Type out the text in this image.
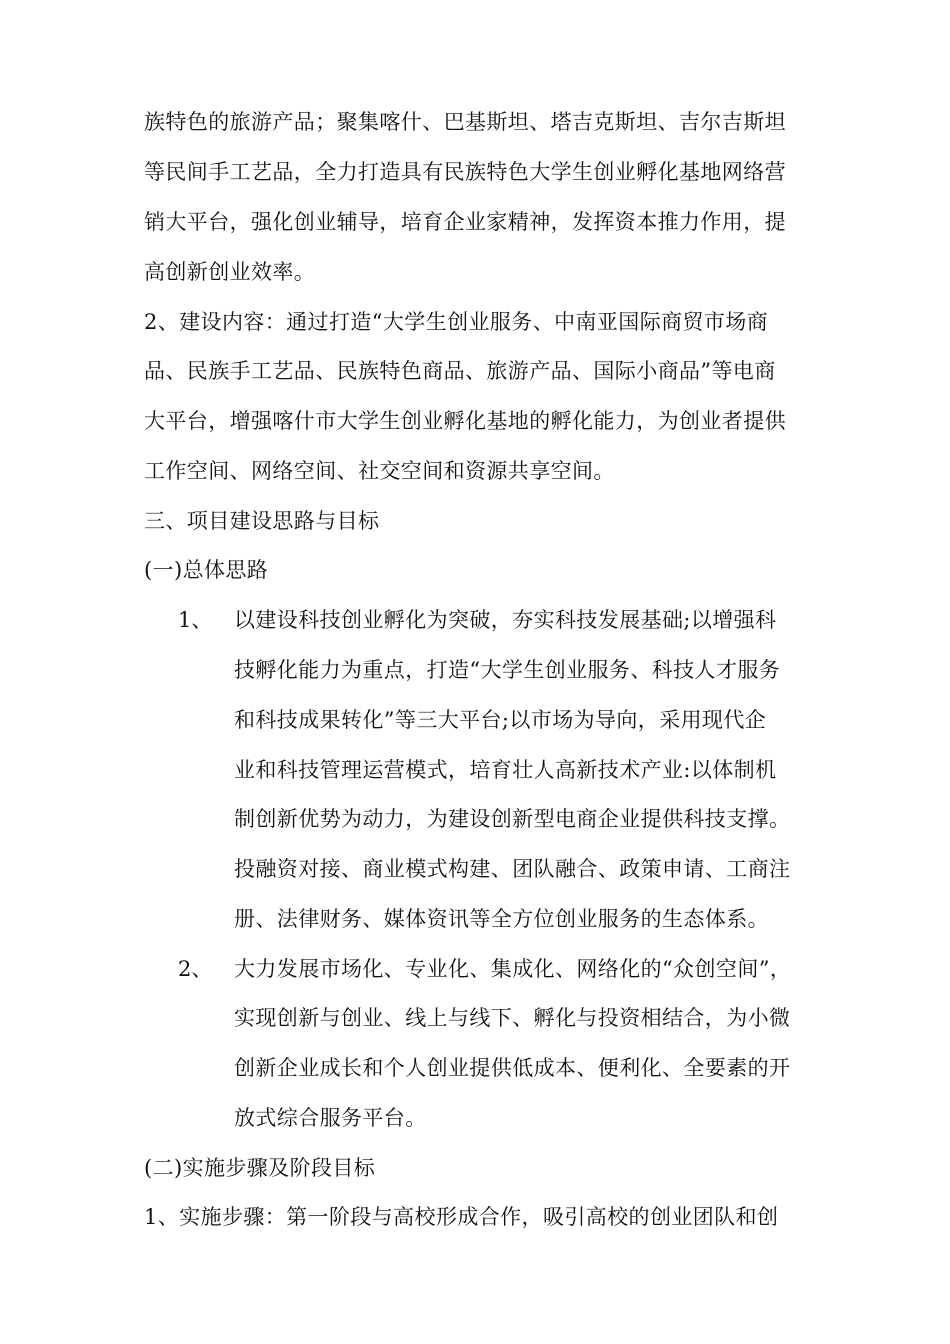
族特色的旅游产品；聚集喀什、巴基斯坦、塔吉克斯坦、吉尔吉斯坦
等民间手工艺品，全力打造具有民族特色大学生创业孵化基地网络营
销大平台，强化创业辅导，培育企业家精神，发挥资本推力作用，提
高创新创业效率。
2、建设内容：通过打造“大学生创业服务、中南亚国际商贸市场商
品、民族手工艺品、民族特色商品、旅游产品、国际小商品”等电商
大平台，增强喀什市大学生创业孵化基地的孵化能力，为创业者提供
工作空间、网络空间、社交空间和资源共享空间。
三、项目建设思路与目标
(一)总体思路
1、 以建设科技创业孵化为突破，夯实科技发展基础;以增强科
技孵化能力为重点，打造“大学生创业服务、科技人才服务
和科技成果转化”等三大平台;以市场为导向，采用现代企
业和科技管理运营模式，培育壮人高新技术产业:以体制机
制创新优势为动力，为建设创新型电商企业提供科技支撑。
投融资对接、商业模式构建、团队融合、政策申请、工商注
册、法律财务、媒体资讯等全方位创业服务的生态体系。
2、 大力发展市场化、专业化、集成化、网络化的“众创空间”，
实现创新与创业、线上与线下、孵化与投资相结合，为小微
创新企业成长和个人创业提供低成本、便利化、全要素的开
放式综合服务平台。
(二)实施步骤及阶段目标
1、实施步骤：第一阶段与高校形成合作，吸引高校的创业团队和创
